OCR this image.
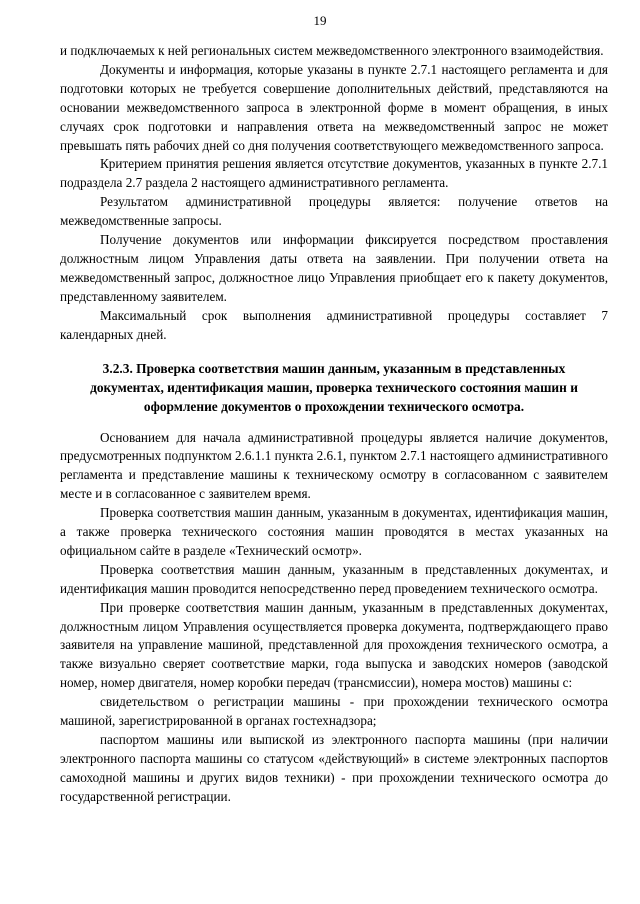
19

и подключаемых к ней региональных систем межведомственного электронного взаимодействия.

Документы и информация, которые указаны в пункте 2.7.1 настоящего регламента и для подготовки которых не требуется совершение дополнительных действий, представляются на основании межведомственного запроса в электронной форме в момент обращения, в иных случаях срок подготовки и направления ответа на межведомственный запрос не может превышать пять рабочих дней со дня получения соответствующего межведомственного запроса.

Критерием принятия решения является отсутствие документов, указанных в пункте 2.7.1 подраздела 2.7 раздела 2 настоящего административного регламента.

Результатом административной процедуры является: получение ответов на межведомственные запросы.

Получение документов или информации фиксируется посредством проставления должностным лицом Управления даты ответа на заявлении. При получении ответа на межведомственный запрос, должностное лицо Управления приобщает его к пакету документов, представленному заявителем.

Максимальный срок выполнения административной процедуры составляет 7 календарных дней.

3.2.3. Проверка соответствия машин данным, указанным в представленных документах, идентификация машин, проверка технического состояния машин и оформление документов о прохождении технического осмотра.

Основанием для начала административной процедуры является наличие документов, предусмотренных подпунктом 2.6.1.1 пункта 2.6.1, пунктом 2.7.1 настоящего административного регламента и представление машины к техническому осмотру в согласованном с заявителем месте и в согласованное с заявителем время.

Проверка соответствия машин данным, указанным в документах, идентификация машин, а также проверка технического состояния машин проводятся в местах указанных на официальном сайте в разделе «Технический осмотр».

Проверка соответствия машин данным, указанным в представленных документах, и идентификация машин проводится непосредственно перед проведением технического осмотра.

При проверке соответствия машин данным, указанным в представленных документах, должностным лицом Управления осуществляется проверка документа, подтверждающего право заявителя на управление машиной, представленной для прохождения технического осмотра, а также визуально сверяет соответствие марки, года выпуска и заводских номеров (заводской номер, номер двигателя, номер коробки передач (трансмиссии), номера мостов) машины с:

свидетельством о регистрации машины - при прохождении технического осмотра машиной, зарегистрированной в органах гостехнадзора;

паспортом машины или выпиской из электронного паспорта машины (при наличии электронного паспорта машины со статусом «действующий» в системе электронных паспортов самоходной машины и других видов техники) - при прохождении технического осмотра до государственной регистрации.
